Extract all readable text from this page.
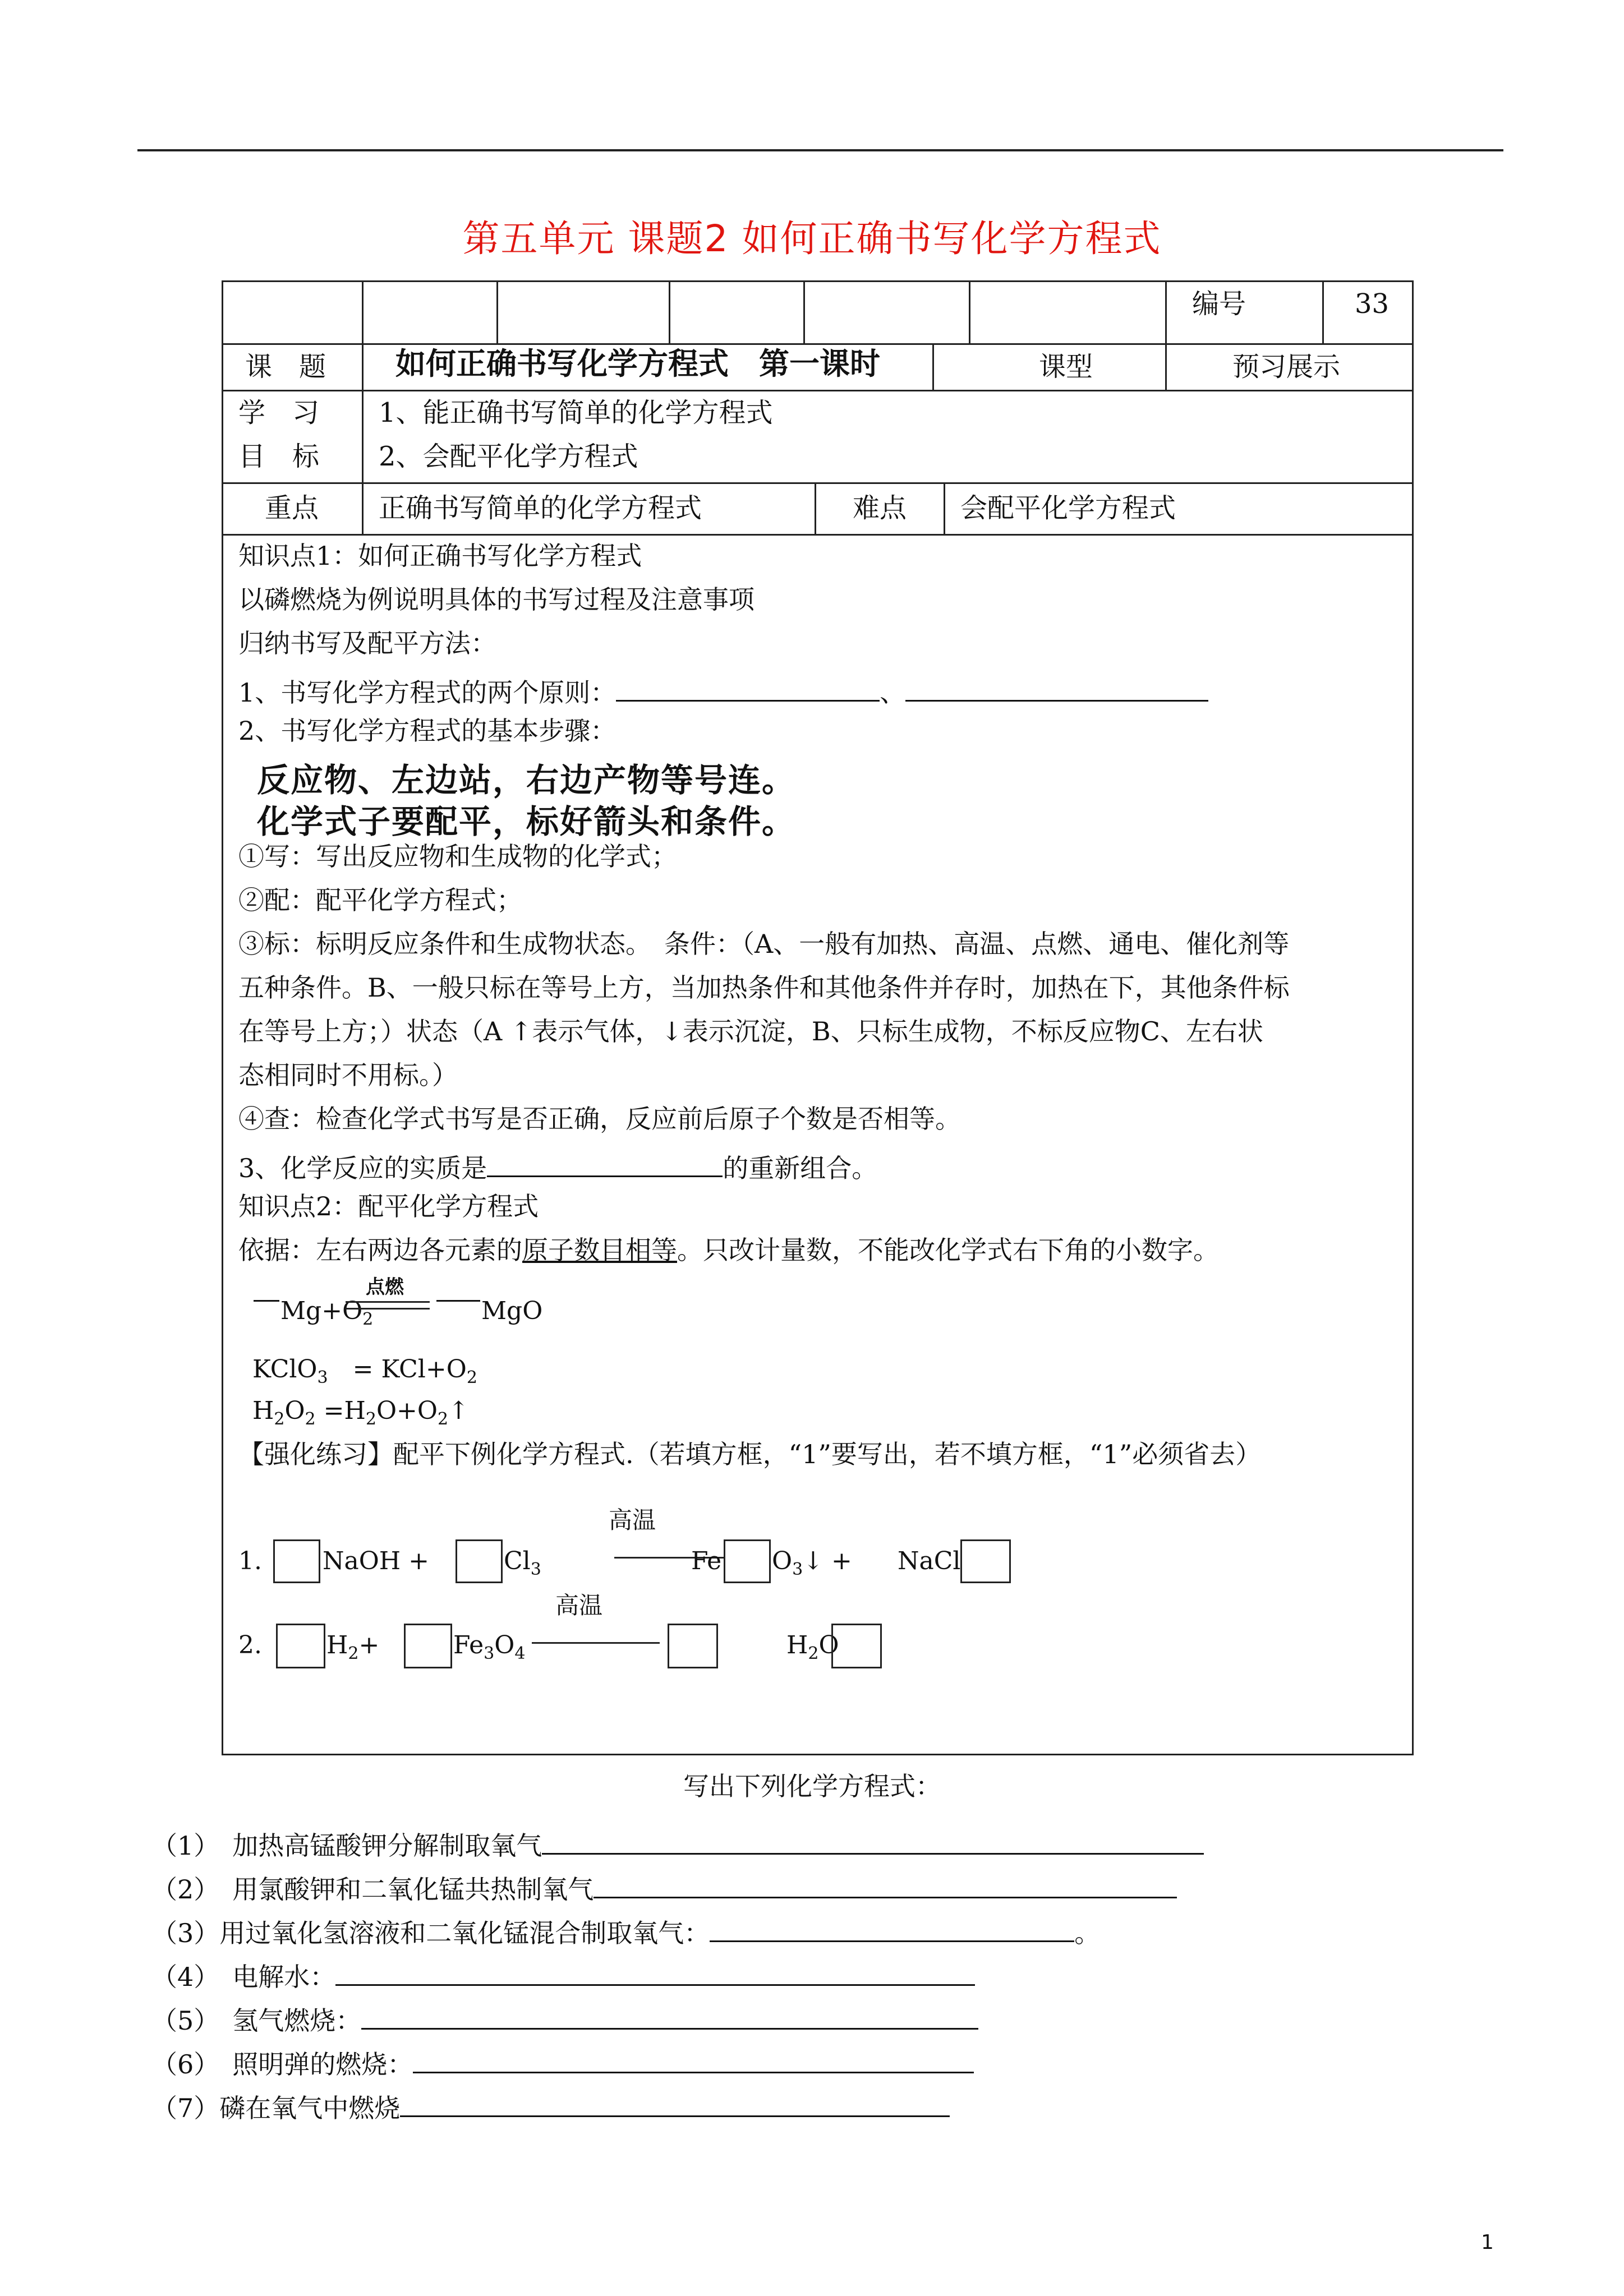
第五单元 课题2 如何正确书写化学方程式
编号	33
课　题 如何正确书写化学方程式　第一课时	课型	预习展示
学　习
目　标
1、能正确书写简单的化学方程式
2、会配平化学方程式
重点 正确书写简单的化学方程式	难点 会配平化学方程式
知识点1：如何正确书写化学方程式
以磷燃烧为例说明具体的书写过程及注意事项
归纳书写及配平方法：
1、书写化学方程式的两个原则：	、
2、书写化学方程式的基本步骤：
反应物、左边站，右边产物等号连。
化学式子要配平，标好箭头和条件。
①写：写出反应物和生成物的化学式；
②配：配平化学方程式；
③标：标明反应条件和生成物状态。　条件：（A、一般有加热、高温、点燃、通电、催化剂等
五种条件。B、一般只标在等号上方，当加热条件和其他条件并存时，加热在下，其他条件标
在等号上方；）状态（A ↑表示气体，↓表示沉淀，B、只标生成物，不标反应物C、左右状
态相同时不用标。）
④查：检查化学式书写是否正确，反应前后原子个数是否相等。
3、化学反应的实质是	的重新组合。
知识点2：配平化学方程式
依据：左右两边各元素的原子数目相等。只改计量数，不能改化学式右下角的小数字。
$Mg+O_2$
点燃
MgO
KClO$_3$　= $KCl+O_2$
$H_2O_2$ $=H_2O+O_2↑$
【强化练习】配平下例化学方程式.（若填方框，“1”要写出，若不填方框，“1”必须省去）
1. NaOH +	$Cl_3$
高温
Fe $O_3↓$ + NaCl
2.	$H_2+$	$Fe_3O_4$
高温
$H_2O$
写出下列化学方程式：
（1）　加热高锰酸钾分解制取氧气
（2）　用氯酸钾和二氧化锰共热制氧气
（3）用过氧化氢溶液和二氧化锰混合制取氧气：	。
（4）　电解水：
（5）　氢气燃烧：
（6）　照明弹的燃烧：
（7）磷在氧气中燃烧
1
